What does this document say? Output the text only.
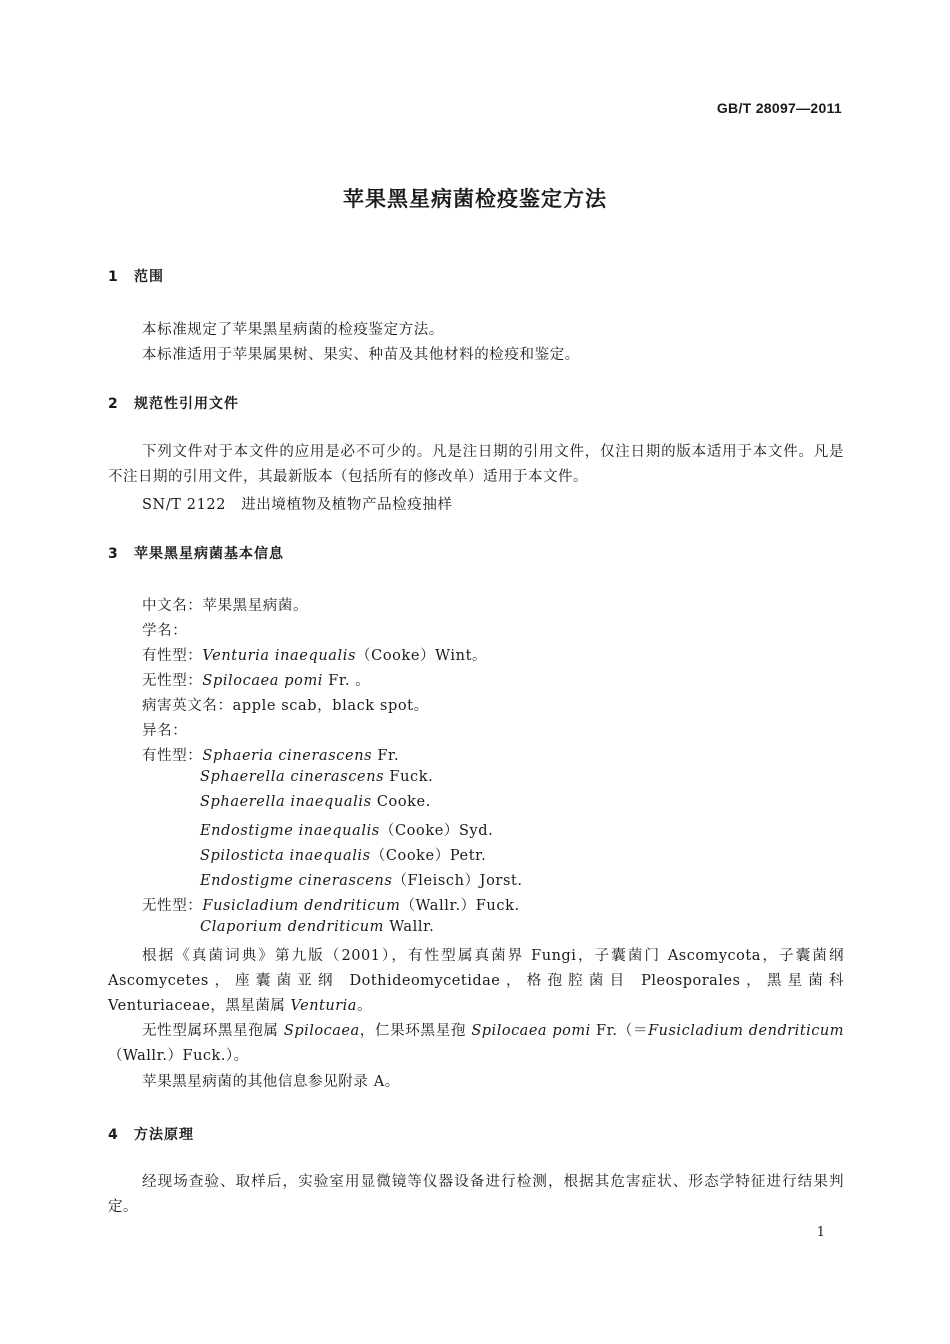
GB/T 28097—2011
苹果黑星病菌检疫鉴定方法
1 范围
本标准规定了苹果黑星病菌的检疫鉴定方法。
本标准适用于苹果属果树、果实、种苗及其他材料的检疫和鉴定。
2 规范性引用文件

下列文件对于本文件的应用是必不可少的。凡是注日期的引用文件，仅注日期的版本适用于本文件。凡是不注日期的引用文件，其最新版本（包括所有的修改单）适用于本文件。

SN/T 2122　进出境植物及植物产品检疫抽样
3 苹果黑星病菌基本信息
中文名：苹果黑星病菌。
学名：
有性型：Venturia inaequalis（Cooke）Wint。
无性型：Spilocaea pomi Fr. 。
病害英文名：apple scab，black spot。
异名：
有性型：Sphaeria cinerascens Fr.
Sphaerella cinerascens Fuck.
Sphaerella inaequalis Cooke.
Endostigme inaequalis（Cooke）Syd.
Spilosticta inaequalis（Cooke）Petr.
Endostigme cinerascens（Fleisch）Jorst.
无性型：Fusicladium dendriticum（Wallr.）Fuck.
Claporium dendriticum Wallr.

根据《真菌词典》第九版（2001），有性型属真菌界 Fungi，子囊菌门 Ascomycota，子囊菌纲 Ascomycetes，座囊菌亚纲 Dothideomycetidae，格孢腔菌目 Pleosporales，黑星菌科 Venturiaceae，黑星菌属 Venturia。

无性型属环黑星孢属 Spilocaea，仁果环黑星孢 Spilocaea pomi Fr.（＝Fusicladium dendriticum（Wallr.）Fuck.）。

苹果黑星病菌的其他信息参见附录 A。
4 方法原理

经现场查验、取样后，实验室用显微镜等仪器设备进行检测，根据其危害症状、形态学特征进行结果判定。

1
